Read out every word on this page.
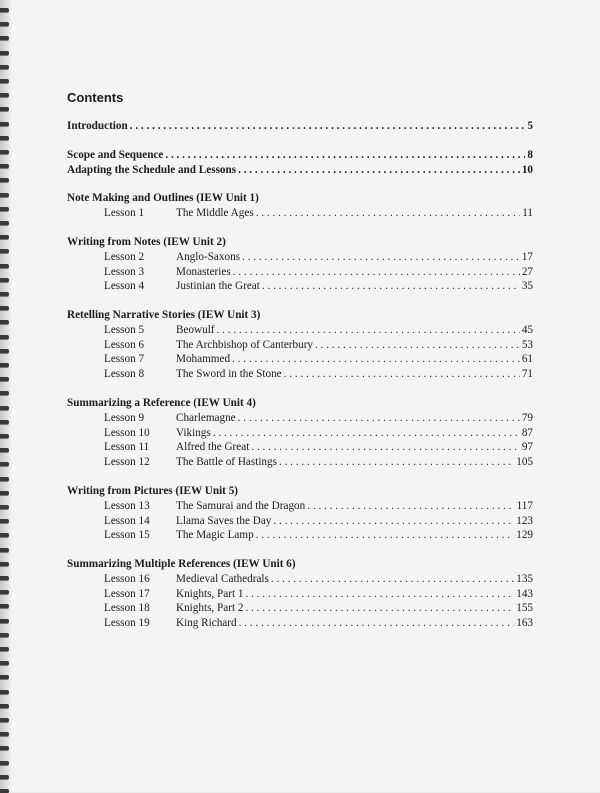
Contents
Introduction . . .	5
Scope and Sequence . . .	8
Adapting the Schedule and Lessons . . .	10
Note Making and Outlines (IEW Unit 1)
Lesson 1	The Middle Ages . . .	11
Writing from Notes (IEW Unit 2)
Lesson 2	Anglo-Saxons . . .	17
Lesson 3	Monasteries . . .	27
Lesson 4	Justinian the Great . . .	35
Retelling Narrative Stories (IEW Unit 3)
Lesson 5	Beowulf . . .	45
Lesson 6	The Archbishop of Canterbury . . .	53
Lesson 7	Mohammed . . .	61
Lesson 8	The Sword in the Stone . . .	71
Summarizing a Reference (IEW Unit 4)
Lesson 9	Charlemagne . . .	79
Lesson 10	Vikings . . .	87
Lesson 11	Alfred the Great . . .	97
Lesson 12	The Battle of Hastings . . .	105
Writing from Pictures (IEW Unit 5)
Lesson 13	The Samurai and the Dragon . . .	117
Lesson 14	Llama Saves the Day . . .	123
Lesson 15	The Magic Lamp . . .	129
Summarizing Multiple References (IEW Unit 6)
Lesson 16	Medieval Cathedrals . . .	135
Lesson 17	Knights, Part 1 . . .	143
Lesson 18	Knights, Part 2 . . .	155
Lesson 19	King Richard . . .	163
